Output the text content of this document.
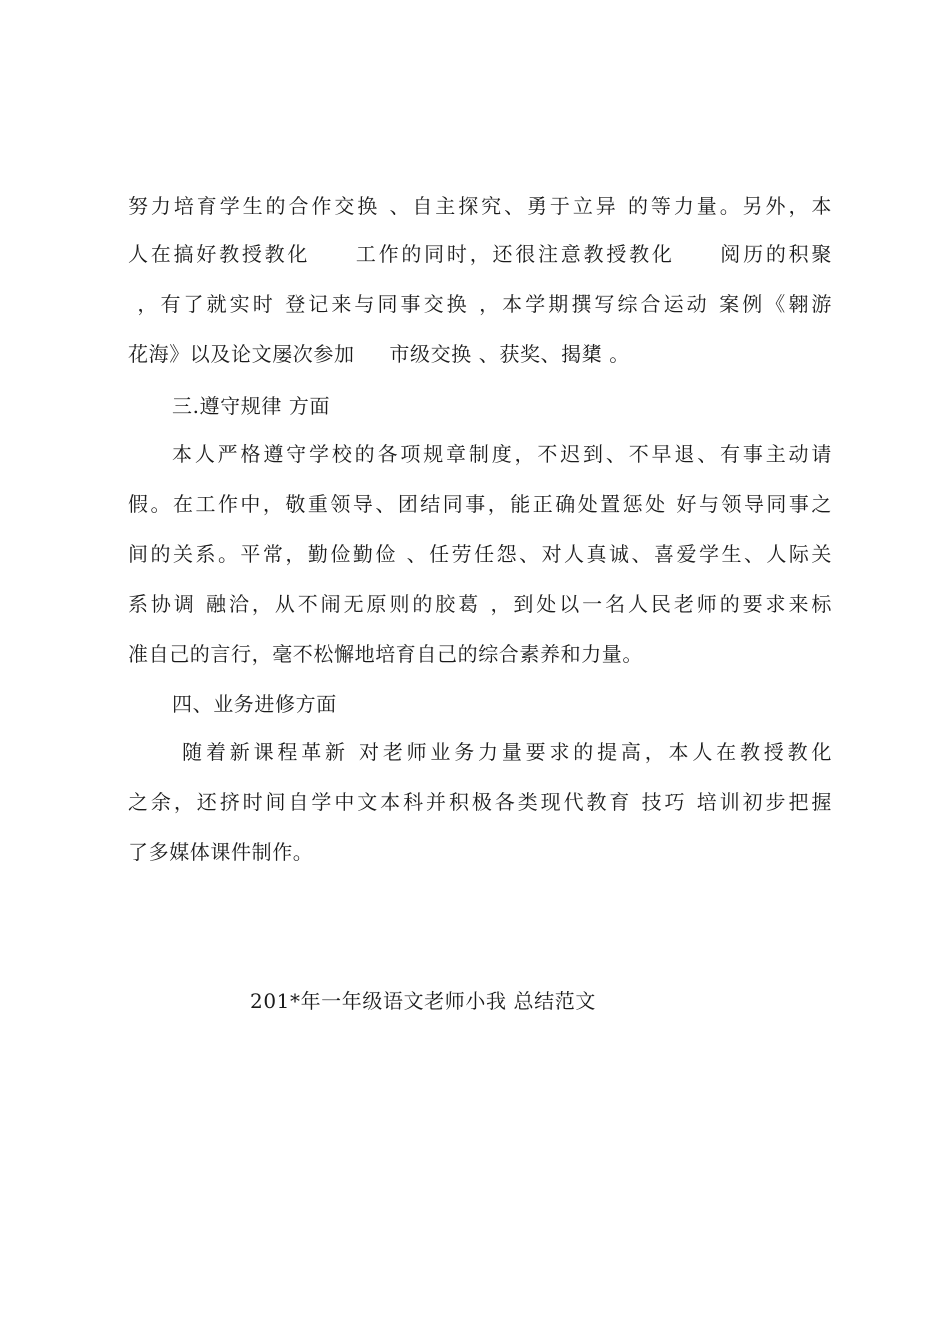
努力培育学生的合作交换 、自主探究、勇于立异 的等力量。另外，本
人在搞好教授教化     工作的同时，还很注意教授教化     阅历的积聚
，有了就实时 登记来与同事交换 ，本学期撰写综合运动 案例《翱游
花海》以及论文屡次参加     市级交换 、获奖、揭橥 。
三.遵守规律 方面
本人严格遵守学校的各项规章制度，不迟到、不早退、有事主动请
假。在工作中，敬重领导、团结同事，能正确处置惩处 好与领导同事之
间的关系。平常，勤俭勤俭 、任劳任怨、对人真诚、喜爱学生、人际关
系协调 融洽，从不闹无原则的胶葛 ，到处以一名人民老师的要求来标
准自己的言行，毫不松懈地培育自己的综合素养和力量。
四、业务进修方面
随着新课程革新 对老师业务力量要求的提高，本人在教授教化
之余，还挤时间自学中文本科并积极各类现代教育 技巧 培训初步把握
了多媒体课件制作。
201*年一年级语文老师小我 总结范文
